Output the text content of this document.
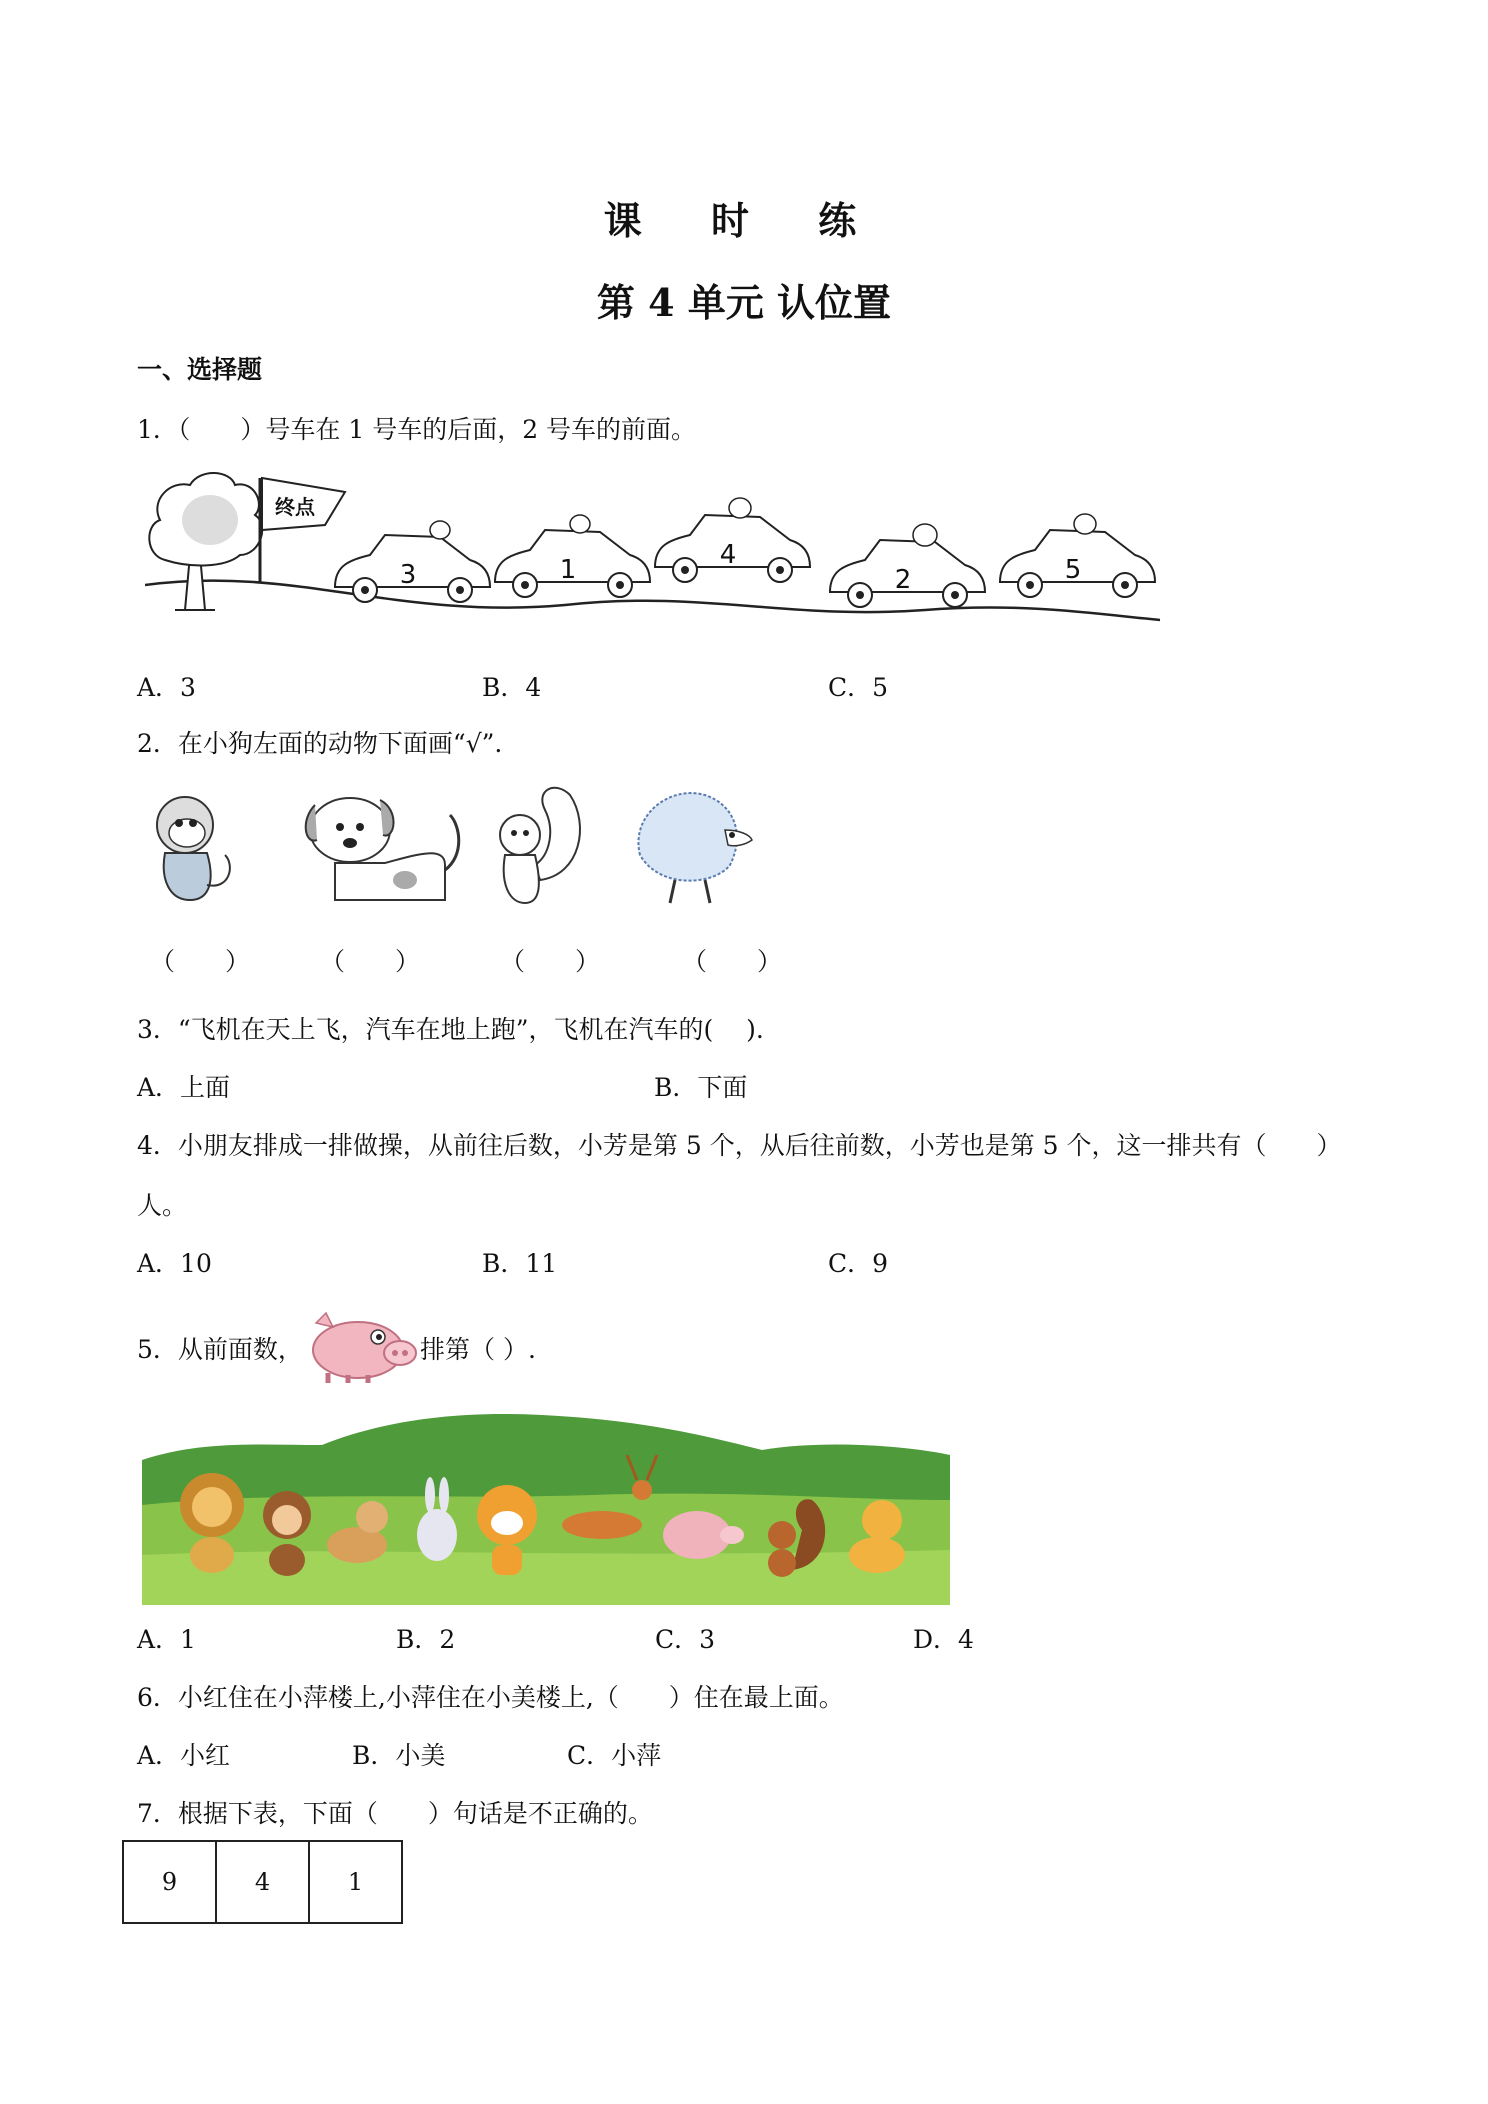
课 时 练
第 4 单元 认位置
一、选择题
1．（　　）号车在 1 号车的后面，2 号车的前面。
终点
3	1	4
2	5
A．3	B．4	C．5
2．在小狗左面的动物下面画“√”.
（　　）	（　　）	（　　）	（　　）
3．“飞机在天上飞，汽车在地上跑”，飞机在汽车的(　 ).
A．上面	B．下面
4．小朋友排成一排做操，从前往后数，小芳是第 5 个，从后往前数，小芳也是第 5 个，这一排共有（　　）
人。
A．10	B．11	C．9
5．从前面数，	排第（ ）.
A．1	B．2	C．3	D．4
6．小红住在小萍楼上,小萍住在小美楼上,（　　）住在最上面。
A．小红	B．小美	C．小萍
7．根据下表，下面（　　）句话是不正确的。
9	4	1
